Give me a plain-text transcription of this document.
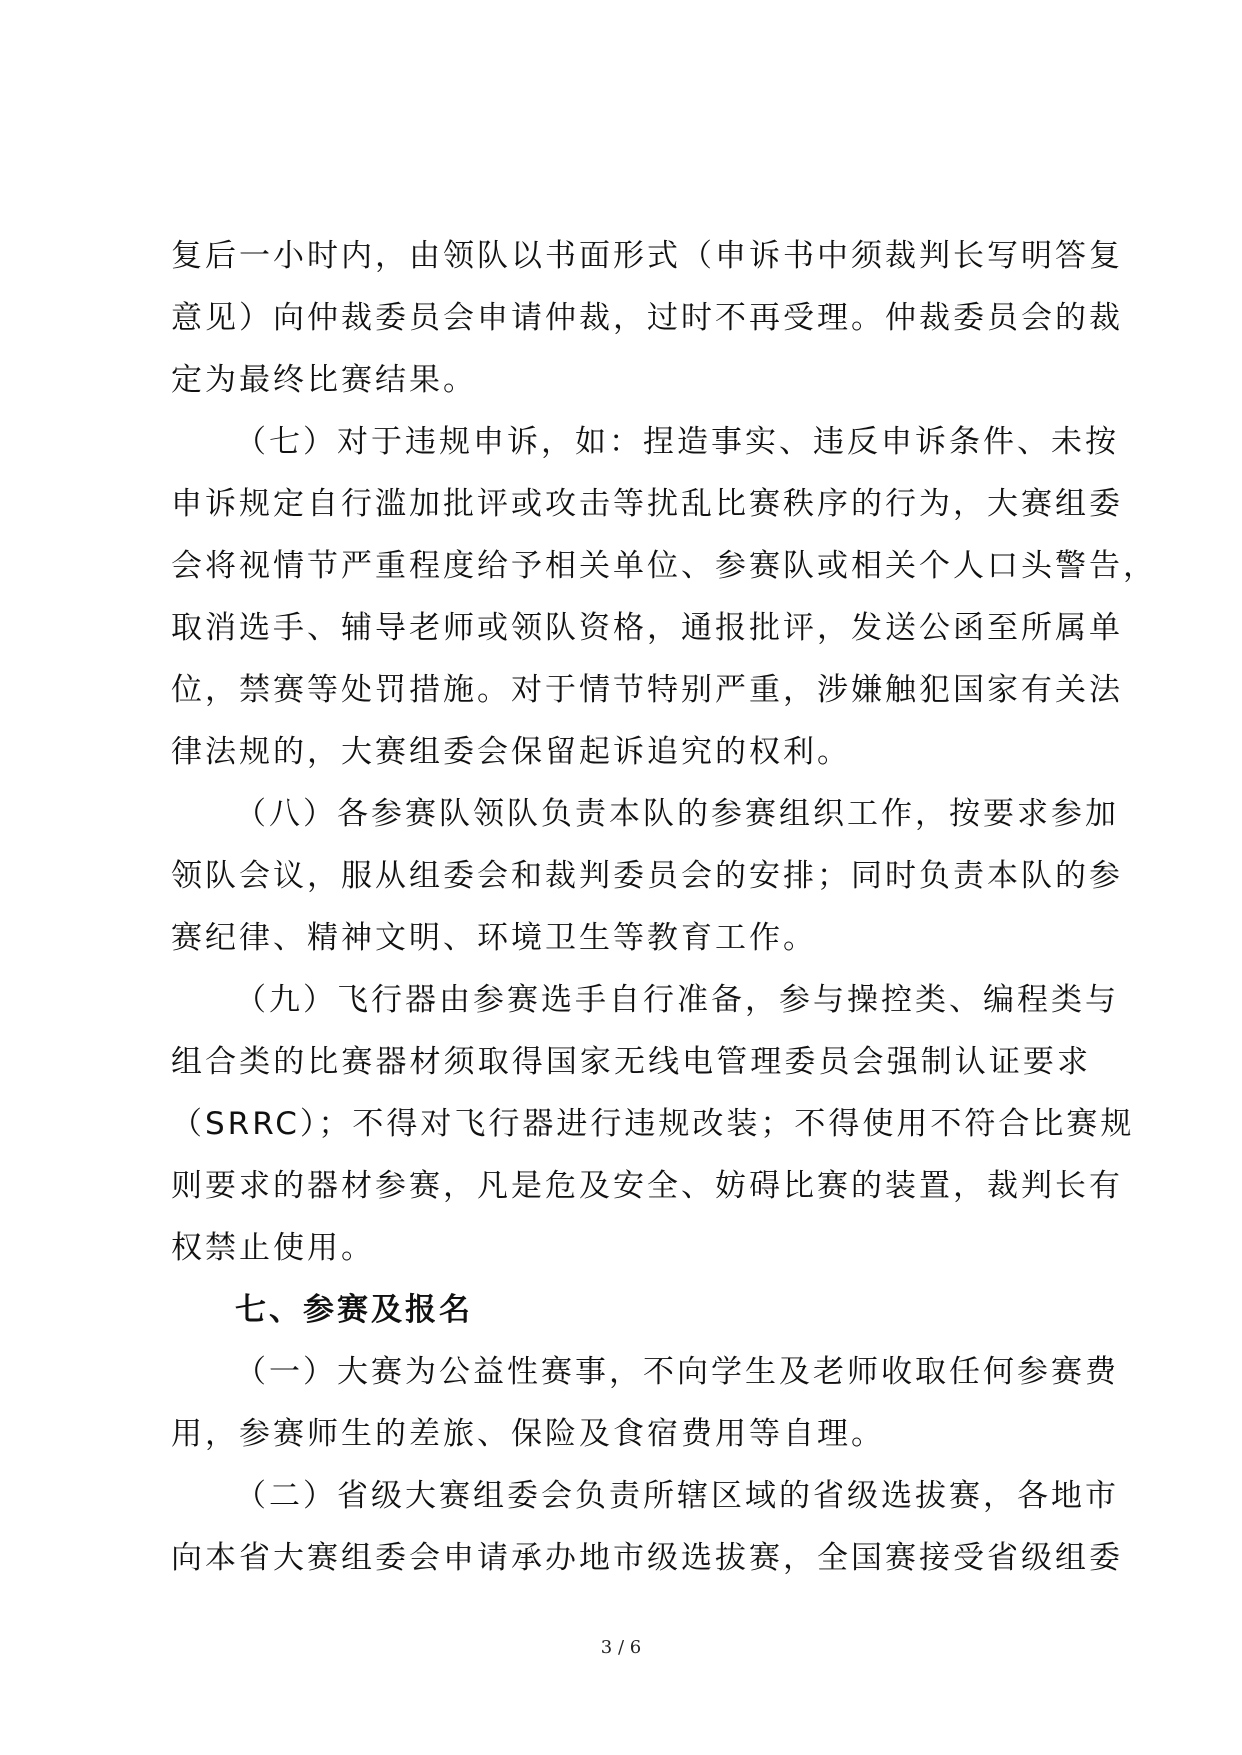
复后一小时内，由领队以书面形式（申诉书中须裁判长写明答复
意见）向仲裁委员会申请仲裁，过时不再受理。仲裁委员会的裁
定为最终比赛结果。
（七）对于违规申诉，如：捏造事实、违反申诉条件、未按
申诉规定自行滥加批评或攻击等扰乱比赛秩序的行为，大赛组委
会将视情节严重程度给予相关单位、参赛队或相关个人口头警告，
取消选手、辅导老师或领队资格，通报批评，发送公函至所属单
位，禁赛等处罚措施。对于情节特别严重，涉嫌触犯国家有关法
律法规的，大赛组委会保留起诉追究的权利。
（八）各参赛队领队负责本队的参赛组织工作，按要求参加
领队会议，服从组委会和裁判委员会的安排；同时负责本队的参
赛纪律、精神文明、环境卫生等教育工作。
（九）飞行器由参赛选手自行准备，参与操控类、编程类与
组合类的比赛器材须取得国家无线电管理委员会强制认证要求
（SRRC）；不得对飞行器进行违规改装；不得使用不符合比赛规
则要求的器材参赛，凡是危及安全、妨碍比赛的装置，裁判长有
权禁止使用。
七、参赛及报名
（一）大赛为公益性赛事，不向学生及老师收取任何参赛费
用，参赛师生的差旅、保险及食宿费用等自理。
（二）省级大赛组委会负责所辖区域的省级选拔赛，各地市
向本省大赛组委会申请承办地市级选拔赛，全国赛接受省级组委
3 / 6
